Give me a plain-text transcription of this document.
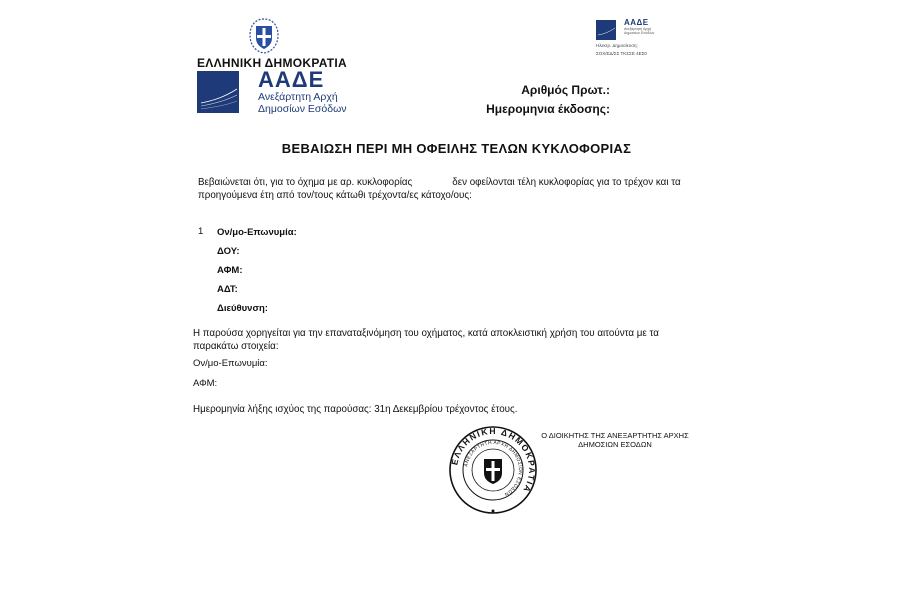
ΕΛΛΗΝΙΚΗ ΔΗΜΟΚΡΑΤΙΑ
ΑΑΔΕ
Ανεξάρτητη Αρχή
Δημοσίων Εσόδων
ΑΑΔΕ
Ανεξάρτητη Αρχή
Δημοσίων Εσόδων
Ηλεκτρ. Δημοσίευση:
ΣΟΧ/ΕΔ/ΣΣ ΤΚΣΣΕ 4ΕΣ0
Αριθμός Πρωτ.:
Ημερομηνια έκδοσης:
ΒΕΒΑΙΩΣΗ ΠΕΡΙ ΜΗ ΟΦΕΙΛΗΣ ΤΕΛΩΝ ΚΥΚΛΟΦΟΡΙΑΣ
Βεβαιώνεται ότι, για το όχημα με αρ. κυκλοφορίας	δεν οφείλονται τέλη κυκλοφορίας για το τρέχον και τα
προηγούμενα έτη από τον/τους κάτωθι τρέχοντα/ες κάτοχο/ους:
1 Ον/μο-Επωνυμία:
ΔΟΥ:
ΑΦΜ:
ΑΔΤ:
Διεύθυνση:
Η παρούσα χορηγείται για την επαναταξινόμηση του οχήματος, κατά αποκλειστική χρήση του αιτούντα με τα
παρακάτω στοιχεία:
Ον/μο-Επωνυμία:
ΑΦΜ:
Ημερομηνία λήξης ισχύος της παρούσας: 31η Δεκεμβρίου τρέχοντος έτους.
ΕΛΛΗΝΙΚΗ ΔΗΜΟΚΡΑΤΙΑ
ΑΝΕΞΑΡΤΗΤΗ ΑΡΧΗ ΔΗΜΟΣΙΩΝ ΕΣΟΔΩΝ
Ο ΔΙΟΙΚΗΤΗΣ ΤΗΣ ΑΝΕΞΑΡΤΗΤΗΣ ΑΡΧΗΣ
ΔΗΜΟΣΙΩΝ ΕΣΟΔΩΝ
